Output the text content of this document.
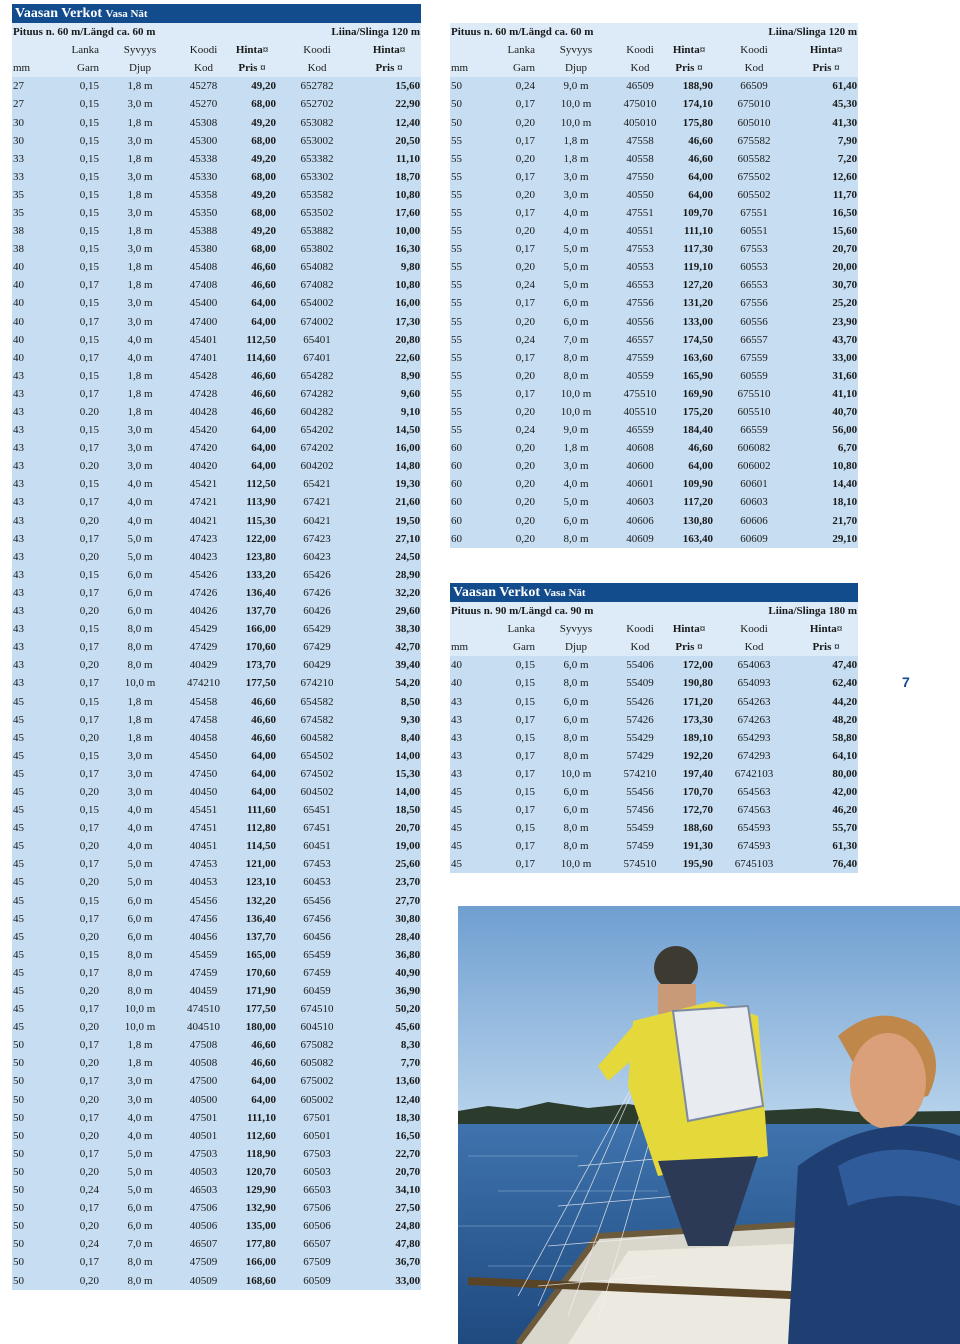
Vaasan Verkot Vasa Nät
Pituus n. 60 m/Längd ca. 60 m					Liina/Slinga 120 m	
	Lanka	Syvyys	Koodi	Hinta¤	Koodi	Hinta¤
mm	Garn	Djup	Kod	Pris ¤	Kod	Pris ¤
27	0,15	1,8 m	45278	49,20	652782	15,60
27	0,15	3,0 m	45270	68,00	652702	22,90
30	0,15	1,8 m	45308	49,20	653082	12,40
30	0,15	3,0 m	45300	68,00	653002	20,50
33	0,15	1,8 m	45338	49,20	653382	11,10
33	0,15	3,0 m	45330	68,00	653302	18,70
35	0,15	1,8 m	45358	49,20	653582	10,80
35	0,15	3,0 m	45350	68,00	653502	17,60
38	0,15	1,8 m	45388	49,20	653882	10,00
38	0,15	3,0 m	45380	68,00	653802	16,30
40	0,15	1,8 m	45408	46,60	654082	9,80
40	0,17	1,8 m	47408	46,60	674082	10,80
40	0,15	3,0 m	45400	64,00	654002	16,00
40	0,17	3,0 m	47400	64,00	674002	17,30
40	0,15	4,0 m	45401	112,50	65401	20,80
40	0,17	4,0 m	47401	114,60	67401	22,60
43	0,15	1,8 m	45428	46,60	654282	8,90
43	0,17	1,8 m	47428	46,60	674282	9,60
43	0.20	1,8 m	40428	46,60	604282	9,10
43	0,15	3,0 m	45420	64,00	654202	14,50
43	0,17	3,0 m	47420	64,00	674202	16,00
43	0.20	3,0 m	40420	64,00	604202	14,80
43	0,15	4,0 m	45421	112,50	65421	19,30
43	0,17	4,0 m	47421	113,90	67421	21,60
43	0,20	4,0 m	40421	115,30	60421	19,50
43	0,17	5,0 m	47423	122,00	67423	27,10
43	0,20	5,0 m	40423	123,80	60423	24,50
43	0,15	6,0 m	45426	133,20	65426	28,90
43	0,17	6,0 m	47426	136,40	67426	32,20
43	0,20	6,0 m	40426	137,70	60426	29,60
43	0,15	8,0 m	45429	166,00	65429	38,30
43	0,17	8,0 m	47429	170,60	67429	42,70
43	0,20	8,0 m	40429	173,70	60429	39,40
43	0,17	10,0 m	474210	177,50	674210	54,20
45	0,15	1,8 m	45458	46,60	654582	8,50
45	0,17	1,8 m	47458	46,60	674582	9,30
45	0,20	1,8 m	40458	46,60	604582	8,40
45	0,15	3,0 m	45450	64,00	654502	14,00
45	0,17	3,0 m	47450	64,00	674502	15,30
45	0,20	3,0 m	40450	64,00	604502	14,00
45	0,15	4,0 m	45451	111,60	65451	18,50
45	0,17	4,0 m	47451	112,80	67451	20,70
45	0,20	4,0 m	40451	114,50	60451	19,00
45	0,17	5,0 m	47453	121,00	67453	25,60
45	0,20	5,0 m	40453	123,10	60453	23,70
45	0,15	6,0 m	45456	132,20	65456	27,70
45	0,17	6,0 m	47456	136,40	67456	30,80
45	0,20	6,0 m	40456	137,70	60456	28,40
45	0,15	8,0 m	45459	165,00	65459	36,80
45	0,17	8,0 m	47459	170,60	67459	40,90
45	0,20	8,0 m	40459	171,90	60459	36,90
45	0,17	10,0 m	474510	177,50	674510	50,20
45	0,20	10,0 m	404510	180,00	604510	45,60
50	0,17	1,8 m	47508	46,60	675082	8,30
50	0,20	1,8 m	40508	46,60	605082	7,70
50	0,17	3,0 m	47500	64,00	675002	13,60
50	0,20	3,0 m	40500	64,00	605002	12,40
50	0,17	4,0 m	47501	111,10	67501	18,30
50	0,20	4,0 m	40501	112,60	60501	16,50
50	0,17	5,0 m	47503	118,90	67503	22,70
50	0,20	5,0 m	40503	120,70	60503	20,70
50	0,24	5,0 m	46503	129,90	66503	34,10
50	0,17	6,0 m	47506	132,90	67506	27,50
50	0,20	6,0 m	40506	135,00	60506	24,80
50	0,24	7,0 m	46507	177,80	66507	47,80
50	0,17	8,0 m	47509	166,00	67509	36,70
50	0,20	8,0 m	40509	168,60	60509	33,00
Pituus n. 60 m/Längd ca. 60 m					Liina/Slinga 120 m	
	Lanka	Syvyys	Koodi	Hinta¤	Koodi	Hinta¤
mm	Garn	Djup	Kod	Pris ¤	Kod	Pris ¤
50	0,24	9,0 m	46509	188,90	66509	61,40
50	0,17	10,0 m	475010	174,10	675010	45,30
50	0,20	10,0 m	405010	175,80	605010	41,30
55	0,17	1,8 m	47558	46,60	675582	7,90
55	0,20	1,8 m	40558	46,60	605582	7,20
55	0,17	3,0 m	47550	64,00	675502	12,60
55	0,20	3,0 m	40550	64,00	605502	11,70
55	0,17	4,0 m	47551	109,70	67551	16,50
55	0,20	4,0 m	40551	111,10	60551	15,60
55	0,17	5,0 m	47553	117,30	67553	20,70
55	0,20	5,0 m	40553	119,10	60553	20,00
55	0,24	5,0 m	46553	127,20	66553	30,70
55	0,17	6,0 m	47556	131,20	67556	25,20
55	0,20	6,0 m	40556	133,00	60556	23,90
55	0,24	7,0 m	46557	174,50	66557	43,70
55	0,17	8,0 m	47559	163,60	67559	33,00
55	0,20	8,0 m	40559	165,90	60559	31,60
55	0,17	10,0 m	475510	169,90	675510	41,10
55	0,20	10,0 m	405510	175,20	605510	40,70
55	0,24	9,0 m	46559	184,40	66559	56,00
60	0,20	1,8 m	40608	46,60	606082	6,70
60	0,20	3,0 m	40600	64,00	606002	10,80
60	0,20	4,0 m	40601	109,90	60601	14,40
60	0,20	5,0 m	40603	117,20	60603	18,10
60	0,20	6,0 m	40606	130,80	60606	21,70
60	0,20	8,0 m	40609	163,40	60609	29,10
Vaasan Verkot Vasa Nät
Pituus n. 90 m/Längd ca. 90 m					Liina/Slinga 180 m	
	Lanka	Syvyys	Koodi	Hinta¤	Koodi	Hinta¤
mm	Garn	Djup	Kod	Pris ¤	Kod	Pris ¤
40	0,15	6,0 m	55406	172,00	654063	47,40
40	0,15	8,0 m	55409	190,80	654093	62,40
43	0,15	6,0 m	55426	171,20	654263	44,20
43	0,17	6,0 m	57426	173,30	674263	48,20
43	0,15	8,0 m	55429	189,10	654293	58,80
43	0,17	8,0 m	57429	192,20	674293	64,10
43	0,17	10,0 m	574210	197,40	6742103	80,00
45	0,15	6,0 m	55456	170,70	654563	42,00
45	0,17	6,0 m	57456	172,70	674563	46,20
45	0,15	8,0 m	55459	188,60	654593	55,70
45	0,17	8,0 m	57459	191,30	674593	61,30
45	0,17	10,0 m	574510	195,90	6745103	76,40
7
